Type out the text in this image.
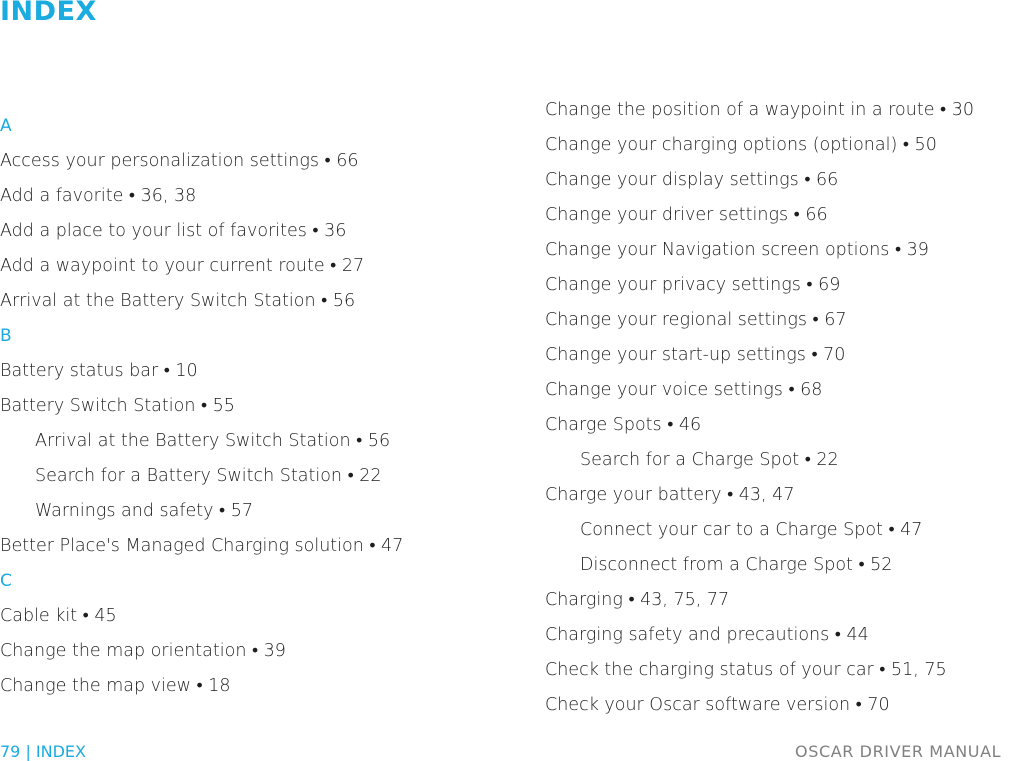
INDEX
A
Access your personalization settings • 66
Add a favorite • 36, 38
Add a place to your list of favorites • 36
Add a waypoint to your current route • 27
Arrival at the Battery Switch Station • 56
B
Battery status bar • 10
Battery Switch Station • 55
Arrival at the Battery Switch Station • 56
Search for a Battery Switch Station • 22
Warnings and safety • 57
Better Place's Managed Charging solution • 47
C
Cable kit • 45
Change the map orientation • 39
Change the map view • 18
Change the position of a waypoint in a route • 30
Change your charging options (optional) • 50
Change your display settings • 66
Change your driver settings • 66
Change your Navigation screen options • 39
Change your privacy settings • 69
Change your regional settings • 67
Change your start-up settings • 70
Change your voice settings • 68
Charge Spots • 46
Search for a Charge Spot • 22
Charge your battery • 43, 47
Connect your car to a Charge Spot • 47
Disconnect from a Charge Spot • 52
Charging • 43, 75, 77
Charging safety and precautions • 44
Check the charging status of your car • 51, 75
Check your Oscar software version • 70
79 | INDEX	OSCAR DRIVER MANUAL
